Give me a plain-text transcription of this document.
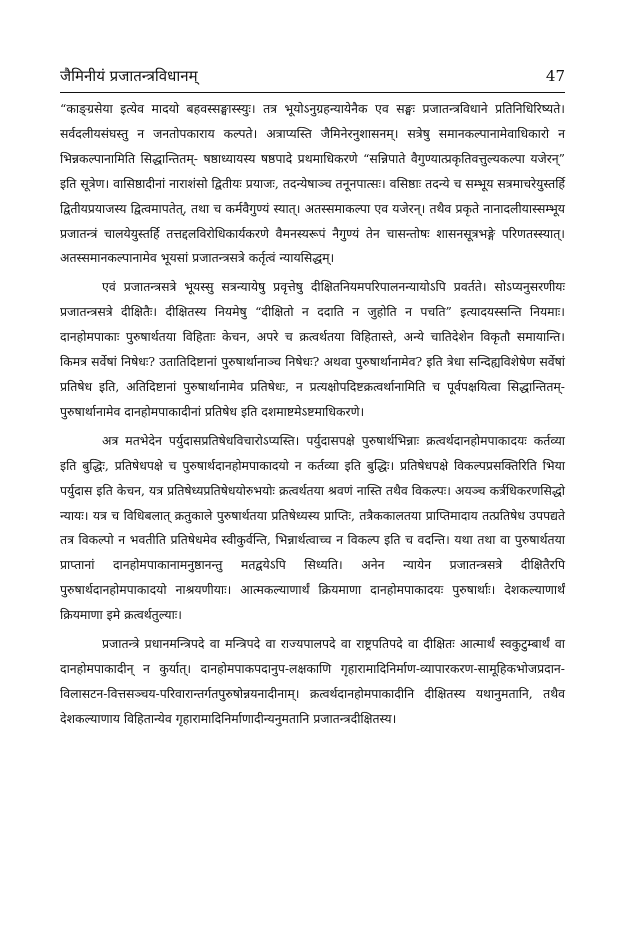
जैमिनीयं प्रजातन्त्रविधानम्	47

“काङ्ग्रसेया इत्येव मादयो बहवस्सङ्घास्स्युः। तत्र भूयोऽनुग्रहन्यायेनैक एव सङ्घः प्रजातन्त्रविधाने प्रतिनिधिरिष्यते। सर्वदलीयसंघस्तु न जनतोपकाराय कल्पते। अत्राप्यस्ति जैमिनेरनुशासनम्। सत्रेषु समानकल्पानामेवाधिकारो न भिन्नकल्पानामिति सिद्धान्तितम्- षष्ठाध्यायस्य षष्ठपादे प्रथमाधिकरणे “सन्निपाते वैगुण्यात्प्रकृतिवत्तुल्यकल्पा यजेरन्” इति सूत्रेण। वासिष्ठादीनां नाराशंसो द्वितीयः प्रयाजः, तदन्येषाञ्च तनूनपात्सः। वसिष्ठाः तदन्ये च सम्भूय सत्रमाचरेयुस्तर्हि द्वितीयप्रयाजस्य द्वित्वमापतेत्, तथा च कर्मवैगुण्यं स्यात्। अतस्समाकल्पा एव यजेरन्। तथैव प्रकृते नानादलीयास्सम्भूय प्रजातन्त्रं चालयेयुस्तर्हि तत्तद्दलविरोधिकार्यकरणे वैमनस्यरूपं नैगुण्यं तेन चासन्तोषः शासनसूत्रभङ्गे परिणतस्स्यात्। अतस्समानकल्पानामेव भूयसां प्रजातन्त्रसत्रे कर्तृत्वं न्यायसिद्धम्।

एवं प्रजातन्त्रसत्रे भूयस्सु सत्रन्यायेषु प्रवृत्तेषु दीक्षितनियमपरिपालनन्यायोऽपि प्रवर्तते। सोऽप्यनुसरणीयः प्रजातन्त्रसत्रे दीक्षितैः। दीक्षितस्य नियमेषु “दीक्षितो न ददाति न जुहोति न पचति” इत्यादयस्सन्ति नियमाः। दानहोमपाकाः पुरुषार्थतया विहिताः केचन, अपरे च क्रत्वर्थतया विहितास्ते, अन्ये चातिदेशेन विकृतौ समायान्ति। किमत्र सर्वेषां निषेधः? उतातिदिष्टानां पुरुषार्थानाञ्च निषेधः? अथवा पुरुषार्थानामेव? इति त्रेधा सन्दिह्यविशेषेण सर्वेषां प्रतिषेध इति, अतिदिष्टानां पुरुषार्थानामेव प्रतिषेधः, न प्रत्यक्षोपदिष्टक्रत्वर्थानामिति च पूर्वपक्षयित्वा सिद्धान्तितम्- पुरुषार्थानामेव दानहोमपाकादीनां प्रतिषेध इति दशमाष्टमेऽष्टमाधिकरणे।

अत्र मतभेदेन पर्युदासप्रतिषेधविचारोऽप्यस्ति। पर्युदासपक्षे पुरुषार्थभिन्नाः क्रत्वर्थदानहोमपाकादयः कर्तव्या इति बुद्धिः, प्रतिषेधपक्षे च पुरुषार्थदानहोमपाकादयो न कर्तव्या इति बुद्धिः। प्रतिषेधपक्षे विकल्पप्रसक्तिरिति भिया पर्युदास इति केचन, यत्र प्रतिषेध्यप्रतिषेधयोरुभयोः क्रत्वर्थतया श्रवणं नास्ति तथैव विकल्पः। अयञ्च कर्त्रधिकरणसिद्धो न्यायः। यत्र च विधिबलात् क्रतुकाले पुरुषार्थतया प्रतिषेध्यस्य प्राप्तिः, तत्रैककालतया प्राप्तिमादाय तत्प्रतिषेध उपपद्यते तत्र विकल्पो न भवतीति प्रतिषेधमेव स्वीकुर्वन्ति, भिन्नार्थत्वाच्च न विकल्प इति च वदन्ति। यथा तथा वा पुरुषार्थतया प्राप्तानां दानहोमपाकानामनुष्ठानन्तु मतद्वयेऽपि सिध्यति। अनेन न्यायेन प्रजातन्त्रसत्रे दीक्षितैरपि पुरुषार्थदानहोमपाकादयो नाश्रयणीयाः। आत्मकल्याणार्थं क्रियमाणा दानहोमपाकादयः पुरुषार्थाः। देशकल्याणार्थं क्रियमाणा इमे क्रत्वर्थतुल्याः।

प्रजातन्त्रे प्रधानमन्त्रिपदे वा मन्त्रिपदे वा राज्यपालपदे वा राष्ट्रपतिपदे वा दीक्षितः आत्मार्थं स्वकुटुम्बार्थं वा दानहोमपाकादीन् न कुर्यात्। दानहोमपाकपदानुप-लक्षकाणि गृहारामादिनिर्माण-व्यापारकरण-सामूहिकभोजप्रदान-विलासटन-वित्तसञ्चय-परिवारान्तर्गतपुरुषोन्नयनादीनाम्। क्रत्वर्थदानहोमपाकादीनि दीक्षितस्य यथानुमतानि, तथैव देशकल्याणाय विहितान्येव गृहारामादिनिर्माणादीन्यनुमतानि प्रजातन्त्रदीक्षितस्य।
